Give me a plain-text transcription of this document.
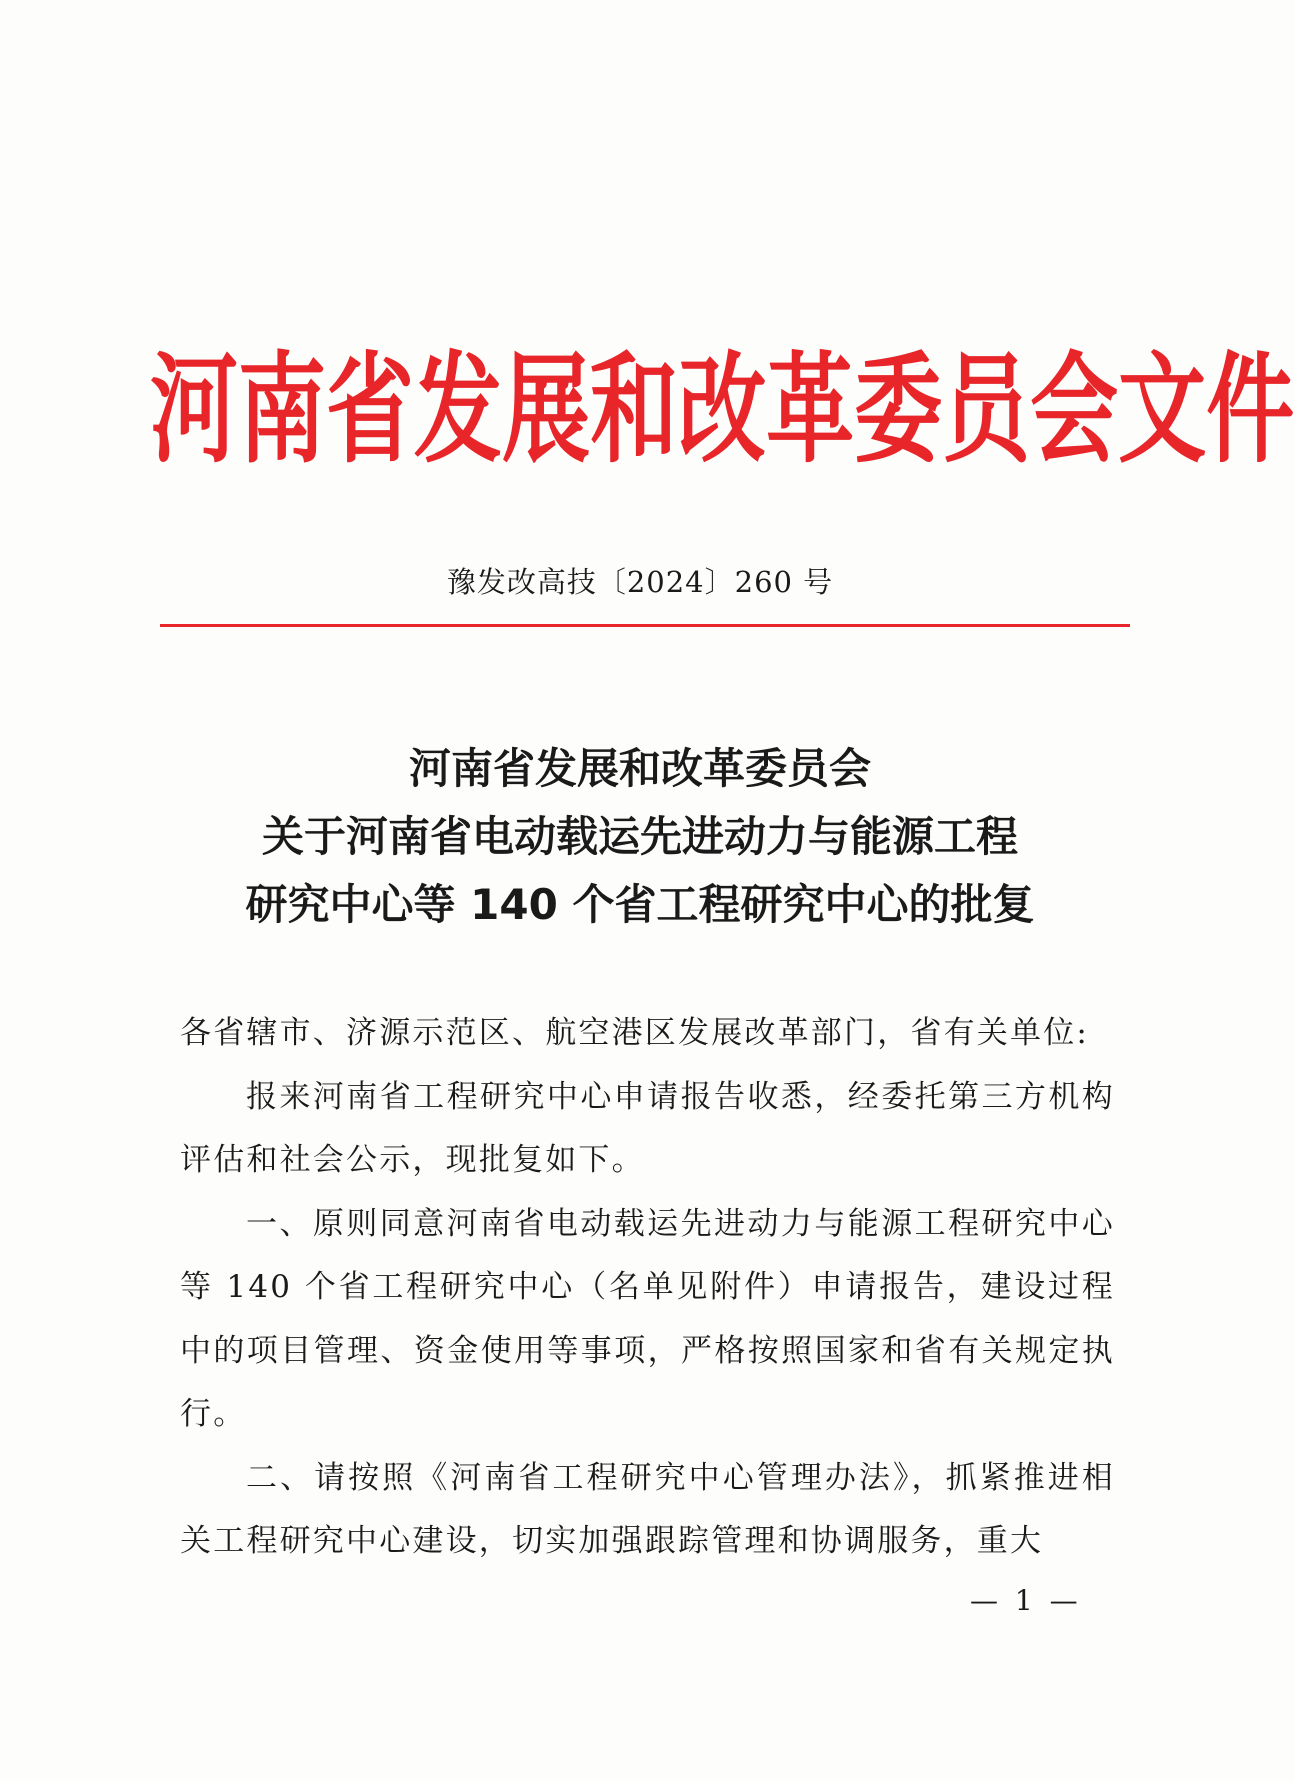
河 南 省 发 展 和 改 革 委 员 会 文 件
豫发改高技〔2024〕260 号
河南省发展和改革委员会
关于河南省电动载运先进动力与能源工程
研究中心等 140 个省工程研究中心的批复

各省辖市、济源示范区、航空港区发展改革部门，省有关单位:

报来河南省工程研究中心申请报告收悉，经委托第三方机构评估和社会公示，现批复如下。

一、原则同意河南省电动载运先进动力与能源工程研究中心等 140 个省工程研究中心（名单见附件）申请报告，建设过程中的项目管理、资金使用等事项，严格按照国家和省有关规定执行。

二、请按照《河南省工程研究中心管理办法》，抓紧推进相关工程研究中心建设，切实加强跟踪管理和协调服务，重大

— 1 —
